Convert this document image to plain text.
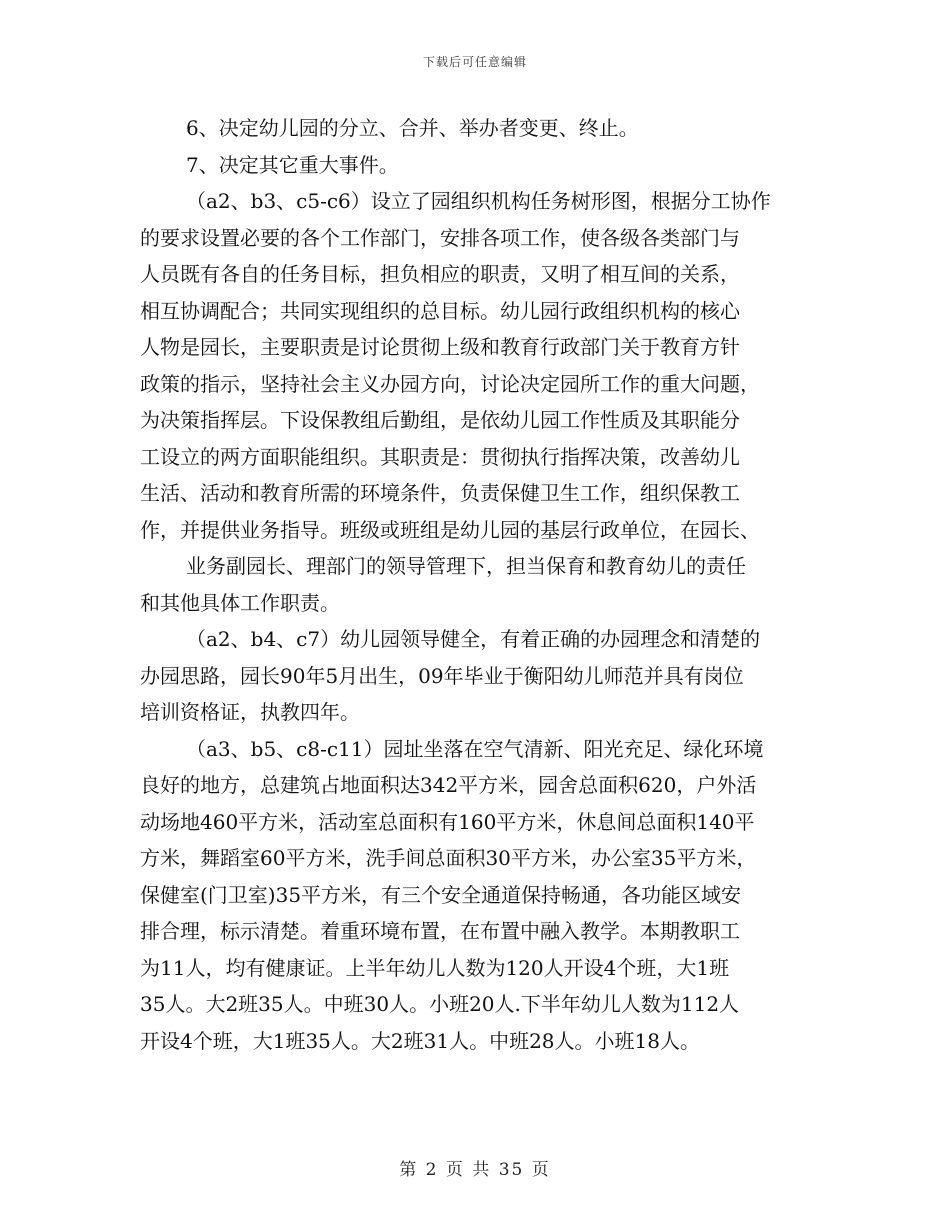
下载后可任意编辑
6、决定幼儿园的分立、合并、举办者变更、终止。
7、决定其它重大事件。
（a2、b3、c5-c6）设立了园组织机构任务树形图，根据分工协作
的要求设置必要的各个工作部门，安排各项工作，使各级各类部门与
人员既有各自的任务目标，担负相应的职责，又明了相互间的关系，
相互协调配合；共同实现组织的总目标。幼儿园行政组织机构的核心
人物是园长，主要职责是讨论贯彻上级和教育行政部门关于教育方针
政策的指示，坚持社会主义办园方向，讨论决定园所工作的重大问题，
为决策指挥层。下设保教组后勤组，是依幼儿园工作性质及其职能分
工设立的两方面职能组织。其职责是：贯彻执行指挥决策，改善幼儿
生活、活动和教育所需的环境条件，负责保健卫生工作，组织保教工
作，并提供业务指导。班级或班组是幼儿园的基层行政单位，在园长、
业务副园长、理部门的领导管理下，担当保育和教育幼儿的责任
和其他具体工作职责。
（a2、b4、c7）幼儿园领导健全，有着正确的办园理念和清楚的
办园思路，园长90年5月出生，09年毕业于衡阳幼儿师范并具有岗位
培训资格证，执教四年。
（a3、b5、c8-c11）园址坐落在空气清新、阳光充足、绿化环境
良好的地方，总建筑占地面积达342平方米，园舍总面积620，户外活
动场地460平方米，活动室总面积有160平方米，休息间总面积140平
方米，舞蹈室60平方米，洗手间总面积30平方米，办公室35平方米，
保健室(门卫室)35平方米，有三个安全通道保持畅通，各功能区域安
排合理，标示清楚。着重环境布置，在布置中融入教学。本期教职工
为11人，均有健康证。上半年幼儿人数为120人开设4个班，大1班
35人。大2班35人。中班30人。小班20人.下半年幼儿人数为112人
开设4个班，大1班35人。大2班31人。中班28人。小班18人。
第 2 页 共 35 页
